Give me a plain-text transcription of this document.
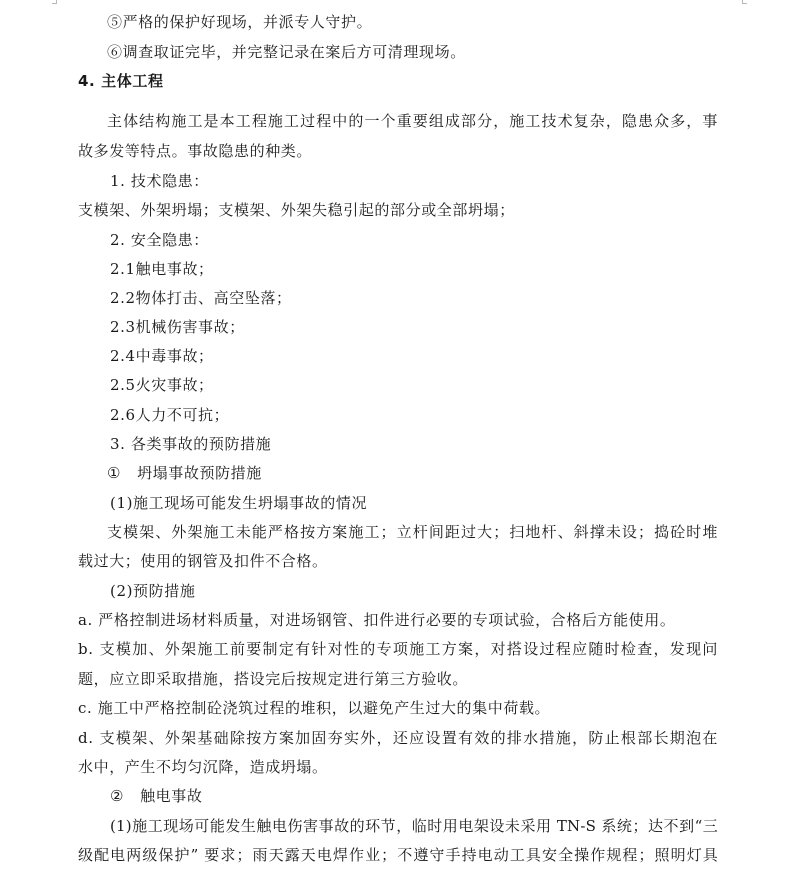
⑤严格的保护好现场，并派专人守护。
⑥调查取证完毕，并完整记录在案后方可清理现场。
4. 主体工程
主体结构施工是本工程施工过程中的一个重要组成部分，施工技术复杂，隐患众多，事
故多发等特点。事故隐患的种类。
1. 技术隐患：
支模架、外架坍塌；支模架、外架失稳引起的部分或全部坍塌；
2. 安全隐患：
2.1触电事故；
2.2物体打击、高空坠落；
2.3机械伤害事故；
2.4中毒事故；
2.5火灾事故；
2.6人力不可抗；
3. 各类事故的预防措施
① 坍塌事故预防措施
(1)施工现场可能发生坍塌事故的情况
支模架、外架施工未能严格按方案施工；立杆间距过大；扫地杆、斜撑未设；捣砼时堆
载过大；使用的钢管及扣件不合格。
(2)预防措施
a. 严格控制进场材料质量，对进场钢管、扣件进行必要的专项试验，合格后方能使用。
b. 支模加、外架施工前要制定有针对性的专项施工方案，对搭设过程应随时检查，发现问
题，应立即采取措施，搭设完后按规定进行第三方验收。
c. 施工中严格控制砼浇筑过程的堆积，以避免产生过大的集中荷载。
d. 支模架、外架基础除按方案加固夯实外，还应设置有效的排水措施，防止根部长期泡在
水中，产生不均匀沉降，造成坍塌。
② 触电事故
(1)施工现场可能发生触电伤害事故的环节，临时用电架设未采用 TN-S 系统；达不到“三
级配电两级保护” 要求；雨天露天电焊作业；不遵守手持电动工具安全操作规程；照明灯具
